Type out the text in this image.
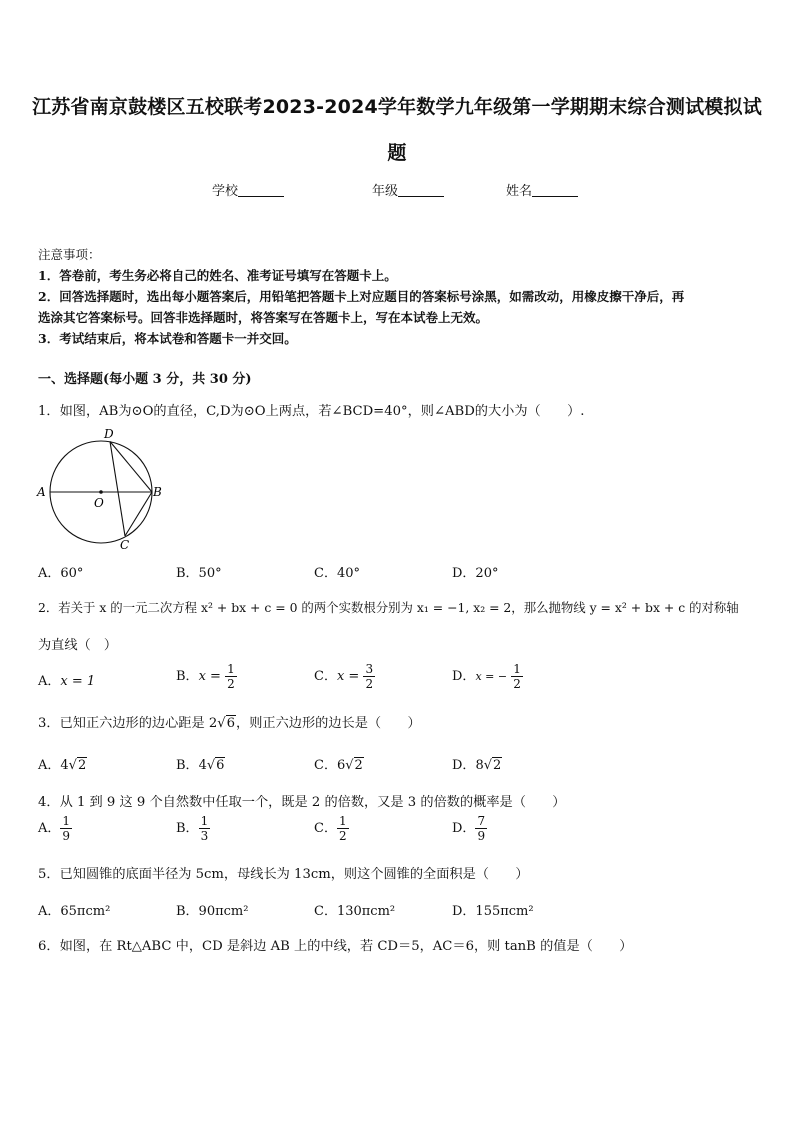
江苏省南京鼓楼区五校联考2023-2024学年数学九年级第一学期期末综合测试模拟试
题
学校	年级	姓名
注意事项：
1．答卷前，考生务必将自己的姓名、准考证号填写在答题卡上。
2．回答选择题时，选出每小题答案后，用铅笔把答题卡上对应题目的答案标号涂黑，如需改动，用橡皮擦干净后，再
选涂其它答案标号。回答非选择题时，将答案写在答题卡上，写在本试卷上无效。
3．考试结束后，将本试卷和答题卡一并交回。
一、选择题(每小题 3 分，共 30 分)
1．如图，AB为⊙O的直径，C,D为⊙O上两点，若∠BCD=40°，则∠ABD的大小为（　　）.
A	B
D
C
O
A．60°	B．50°	C．40°	D．20°
2．若关于 x 的一元二次方程 x² + bx + c = 0 的两个实数根分别为 x₁ = −1, x₂ = 2，那么抛物线 y = x² + bx + c 的对称轴
为直线（　）
A．x = 1	B．$x = \frac{1}{2}$	C．$x = \frac{3}{2}$	D．x = − $\frac{1}{2}$
3．已知正六边形的边心距是 2√6，则正六边形的边长是（　　）
A．4√2	B．4√6	C．6√2	D．8√2
4．从 1 到 9 这 9 个自然数中任取一个，既是 2 的倍数，又是 3 的倍数的概率是（　　）
A． $\frac{1}{9}$	B． $\frac{1}{3}$	C． $\frac{1}{2}$	D． $\frac{7}{9}$
5．已知圆锥的底面半径为 5cm，母线长为 13cm，则这个圆锥的全面积是（　　）
A．65πcm²	B．90πcm²	C．130πcm²	D．155πcm²
6．如图，在 Rt△ABC 中，CD 是斜边 AB 上的中线，若 CD＝5，AC＝6，则 tanB 的值是（　　）
